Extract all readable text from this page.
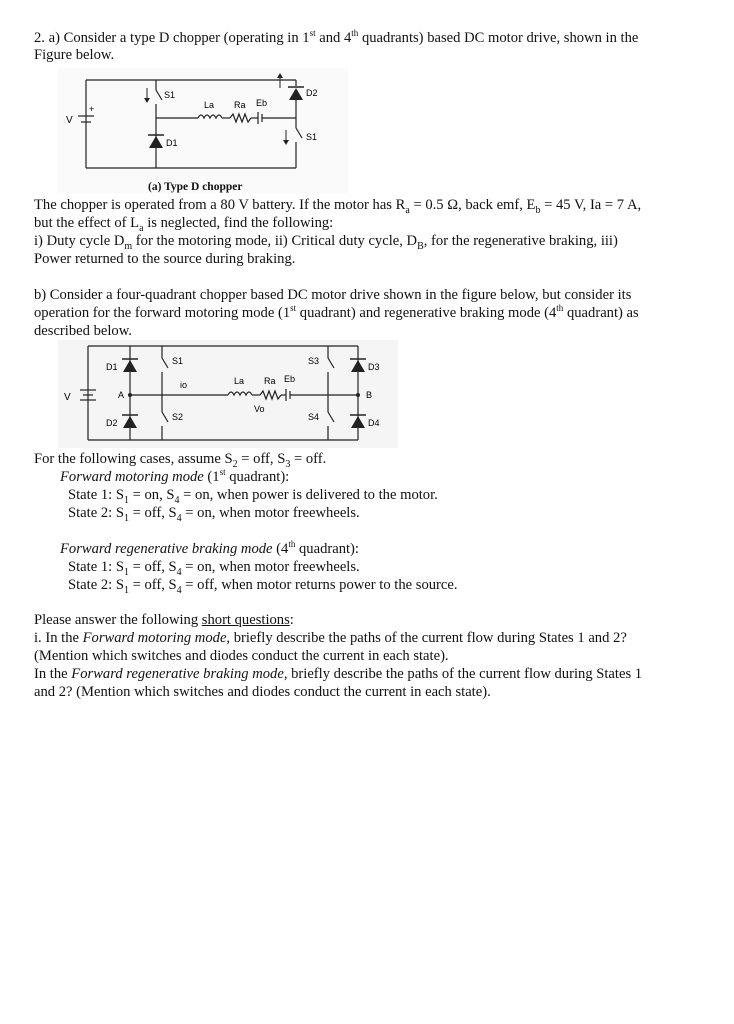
2. a) Consider a type D chopper (operating in 1st and 4th quadrants) based DC motor drive, shown in the

Figure below.

V
+
S1
D1
La Ra Eb
D2
S1
(a) Type D chopper

The chopper is operated from a 80 V battery. If the motor has $R_a = 0.5$ Ω, back emf, $E_b = 45$ V, Ia = 7 A,

but the effect of $L_a$ is neglected, find the following:

i) Duty cycle $D_m$ for the motoring mode, ii) Critical duty cycle, $D_B$, for the regenerative braking, iii)

Power returned to the source during braking.

b) Consider a four-quadrant chopper based DC motor drive shown in the figure below, but consider its

operation for the forward motoring mode (1st quadrant) and regenerative braking mode (4th quadrant) as

described below.

V
D1
D2
A
S1
S2
io	La Ra Eb
Vo
S3
S4
D3
D4
B

For the following cases, assume $S_2$ = off, $S_3$ = off.

Forward motoring mode (1st quadrant):

State 1: $S_1$ = on, $S_4$ = on, when power is delivered to the motor.

State 2: $S_1$ = off, $S_4$ = on, when motor freewheels.

Forward regenerative braking mode (4th quadrant):

State 1: $S_1$ = off, $S_4$ = on, when motor freewheels.

State 2: $S_1$ = off, $S_4$ = off, when motor returns power to the source.

Please answer the following short questions:

i. In the Forward motoring mode, briefly describe the paths of the current flow during States 1 and 2?

(Mention which switches and diodes conduct the current in each state).

In the Forward regenerative braking mode, briefly describe the paths of the current flow during States 1

and 2? (Mention which switches and diodes conduct the current in each state).
